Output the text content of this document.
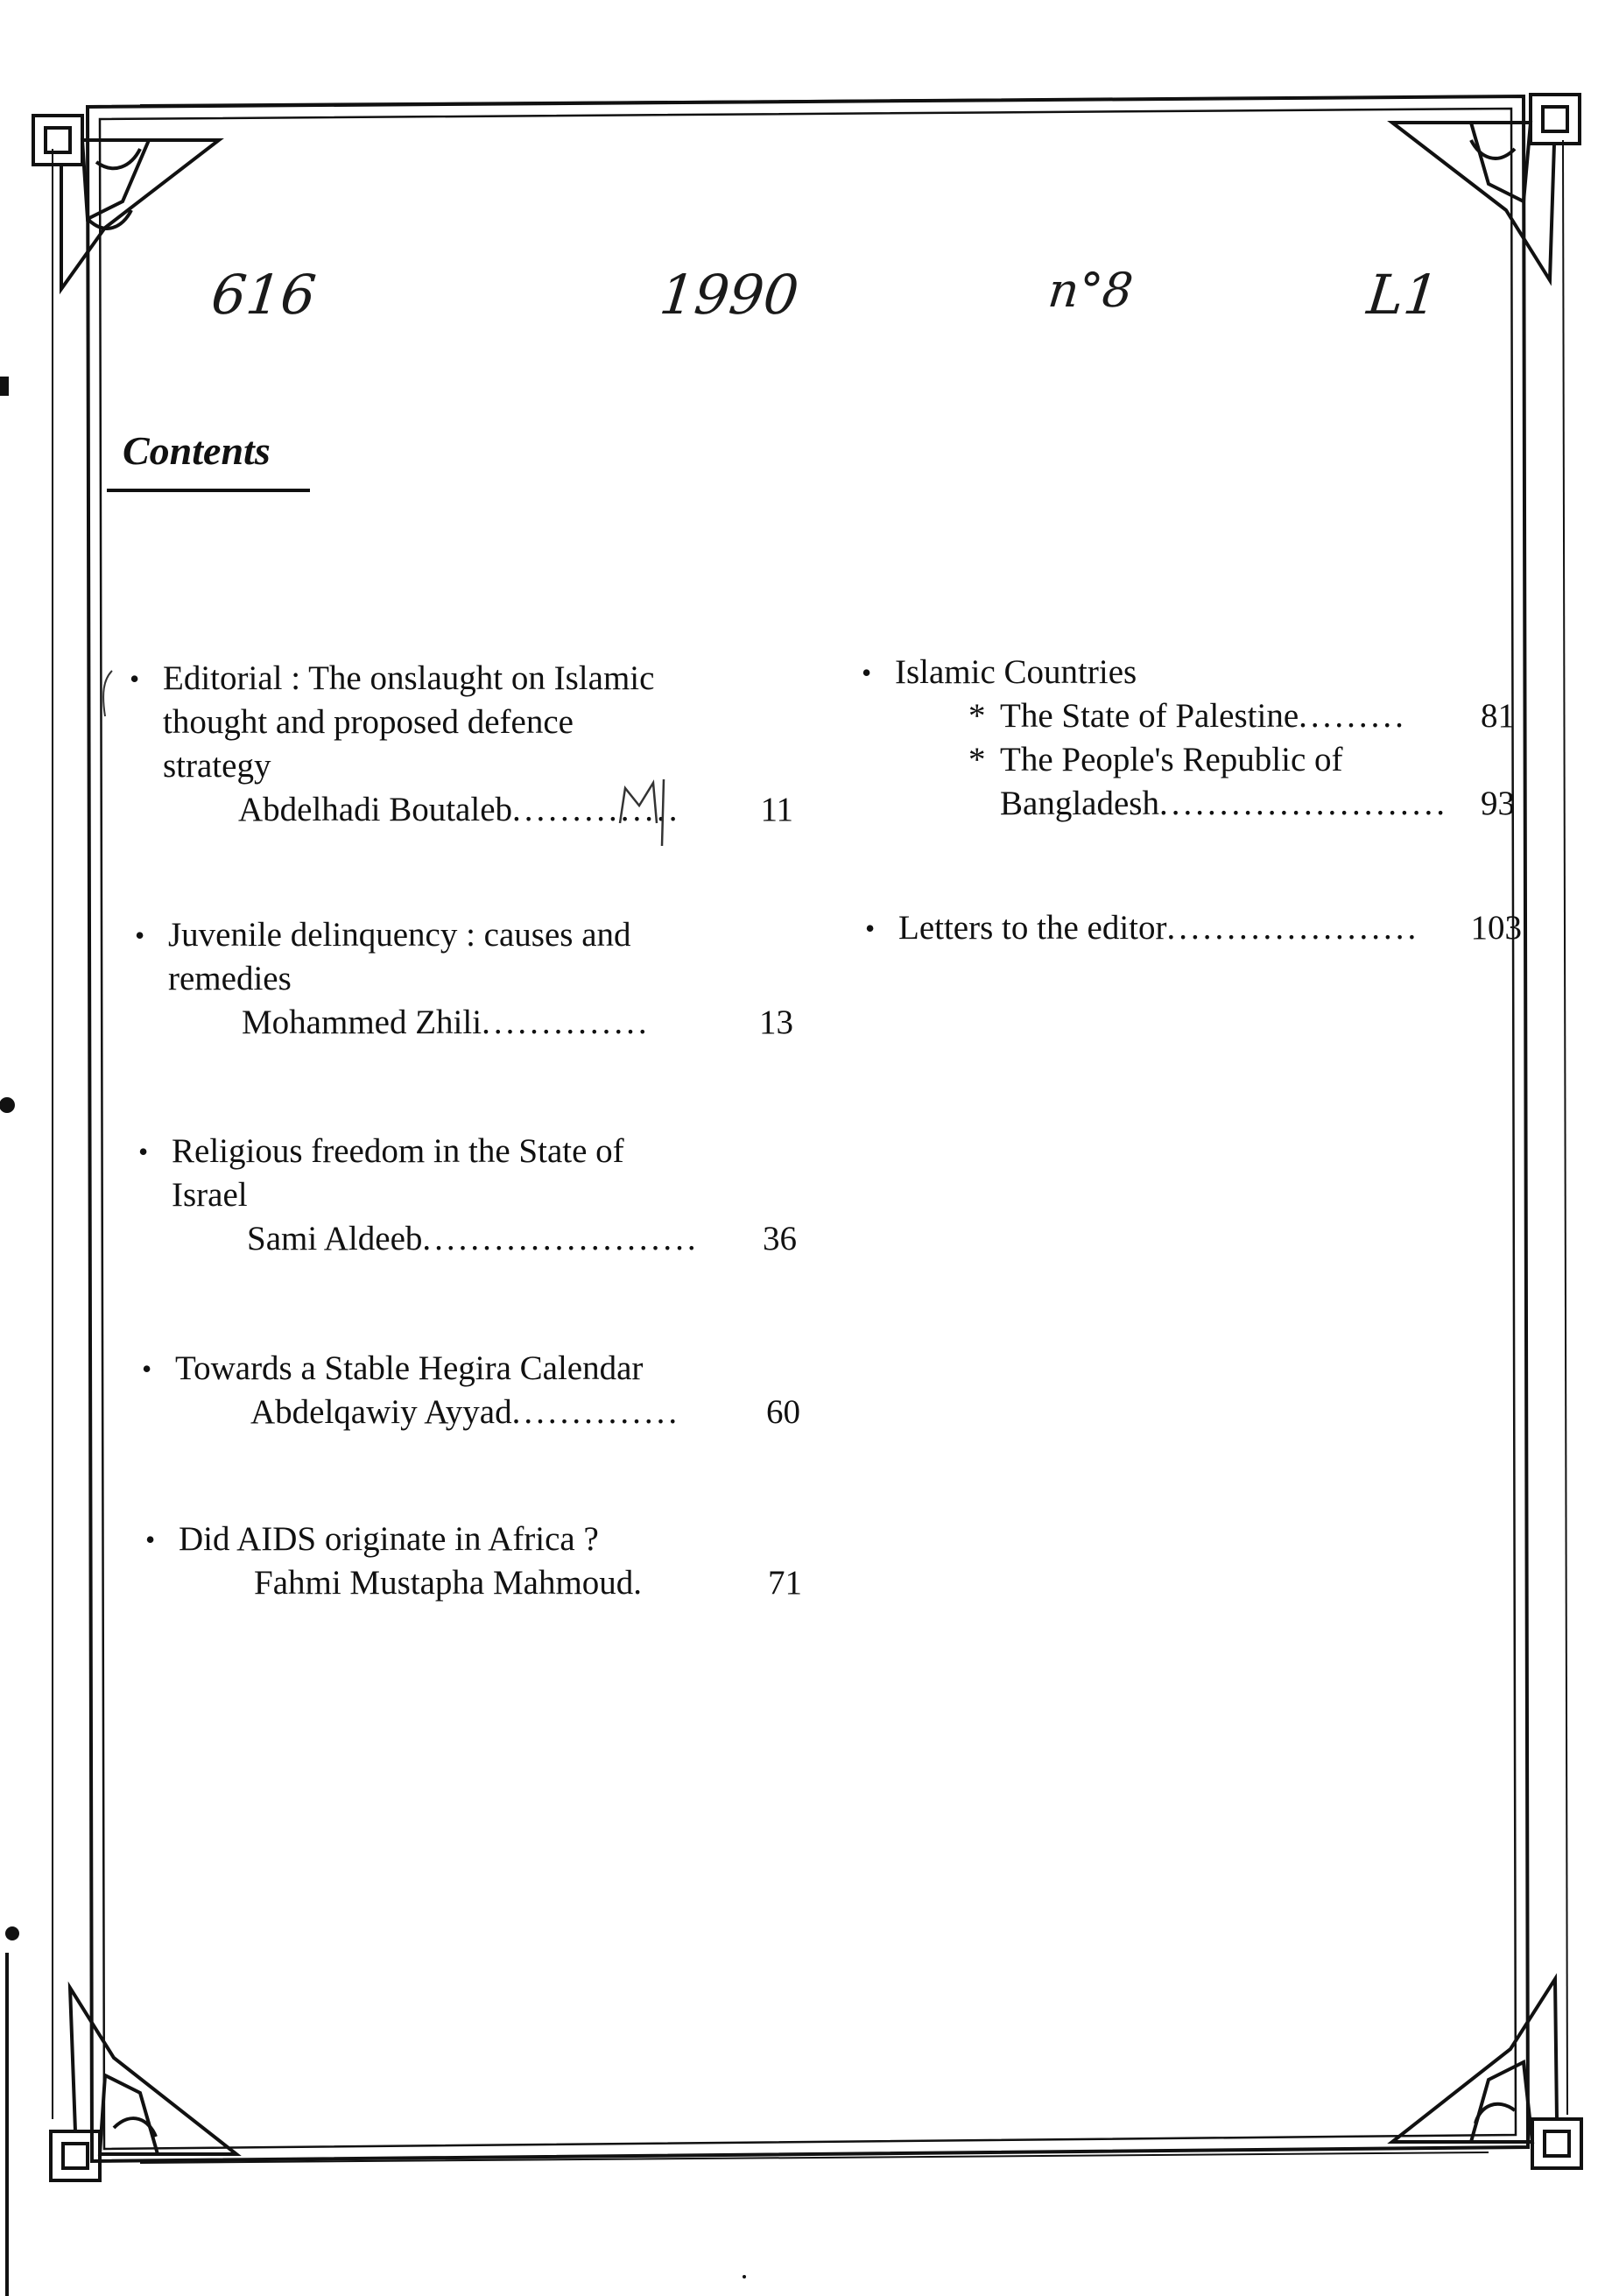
616	1990	n°8	L1
Contents
• Editorial : The onslaught on Islamic
thought and proposed defence
strategy
Abdelhadi Boutaleb .............. 11
• Juvenile delinquency : causes and
remedies
Mohammed Zhili ..............	13
• Religious freedom in the State of
Israel
Sami Aldeeb ....................... 36
• Towards a Stable Hegira Calendar
Abdelqawiy Ayyad ..............	60
• Did AIDS originate in Africa ?
Fahmi Mustapha Mahmoud.	71
• Islamic Countries
* The State of Palestine ......... 81
* The People's Republic of
Bangladesh ........................ 93
• Letters to the editor ..................... 103
